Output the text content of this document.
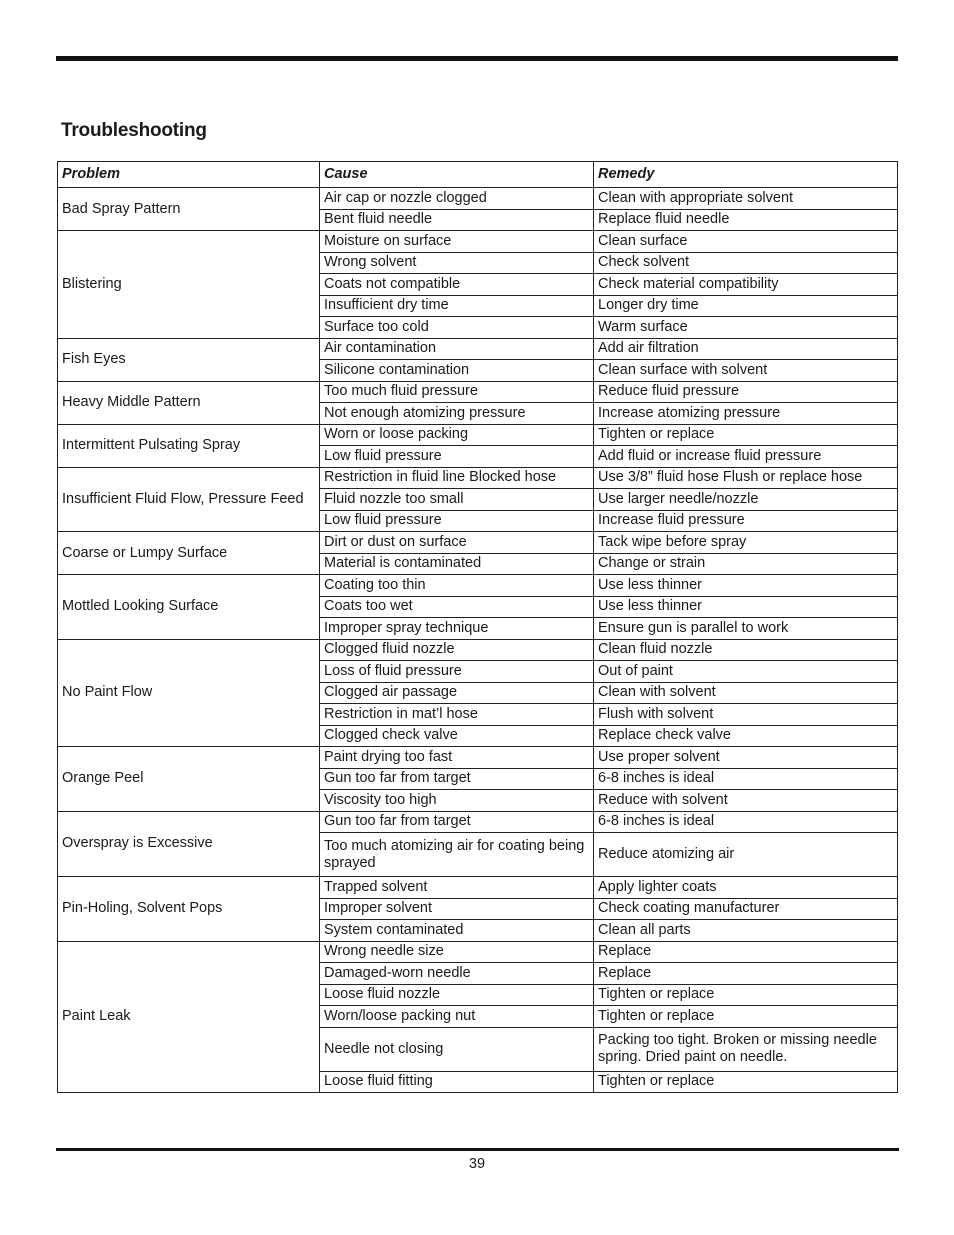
Troubleshooting
Problem	Cause	Remedy
Bad Spray Pattern	Air cap or nozzle clogged	Clean with appropriate solvent
	Bent fluid needle	Replace fluid needle
Blistering	Moisture on surface	Clean surface
	Wrong solvent	Check solvent
	Coats not compatible	Check material compatibility
	Insufficient dry time	Longer dry time
	Surface too cold	Warm surface
Fish Eyes	Air contamination	Add air filtration
	Silicone contamination	Clean surface with solvent
Heavy Middle Pattern	Too much fluid pressure	Reduce fluid pressure
	Not enough atomizing pressure	Increase atomizing pressure
Intermittent Pulsating Spray	Worn or loose packing	Tighten or replace
	Low fluid pressure	Add fluid or increase fluid pressure
Insufficient Fluid Flow, Pressure Feed	Restriction in fluid line Blocked hose	Use 3/8” fluid hose Flush or replace hose
	Fluid nozzle too small	Use larger needle/nozzle
	Low fluid pressure	Increase fluid pressure
Coarse or Lumpy Surface	Dirt or dust on surface	Tack wipe before spray
	Material is contaminated	Change or strain
Mottled Looking Surface	Coating too thin	Use less thinner
	Coats too wet	Use less thinner
	Improper spray technique	Ensure gun is parallel to work
No Paint Flow	Clogged fluid nozzle	Clean fluid nozzle
	Loss of fluid pressure	Out of paint
	Clogged air passage	Clean with solvent
	Restriction in mat’l hose	Flush with solvent
	Clogged check valve	Replace check valve
Orange Peel	Paint drying too fast	Use proper solvent
	Gun too far from target	6-8 inches is ideal
	Viscosity too high	Reduce with solvent
Overspray is Excessive	Gun too far from target	6-8 inches is ideal
	Too much atomizing air for coating being sprayed	Reduce atomizing air
Pin-Holing, Solvent Pops	Trapped solvent	Apply lighter coats
	Improper solvent	Check coating manufacturer
	System contaminated	Clean all parts
Paint Leak	Wrong needle size	Replace
	Damaged-worn needle	Replace
	Loose fluid nozzle	Tighten or replace
	Worn/loose packing nut	Tighten or replace
	Needle not closing	Packing too tight. Broken or missing needle spring. Dried paint on needle.
	Loose fluid fitting	Tighten or replace
39
